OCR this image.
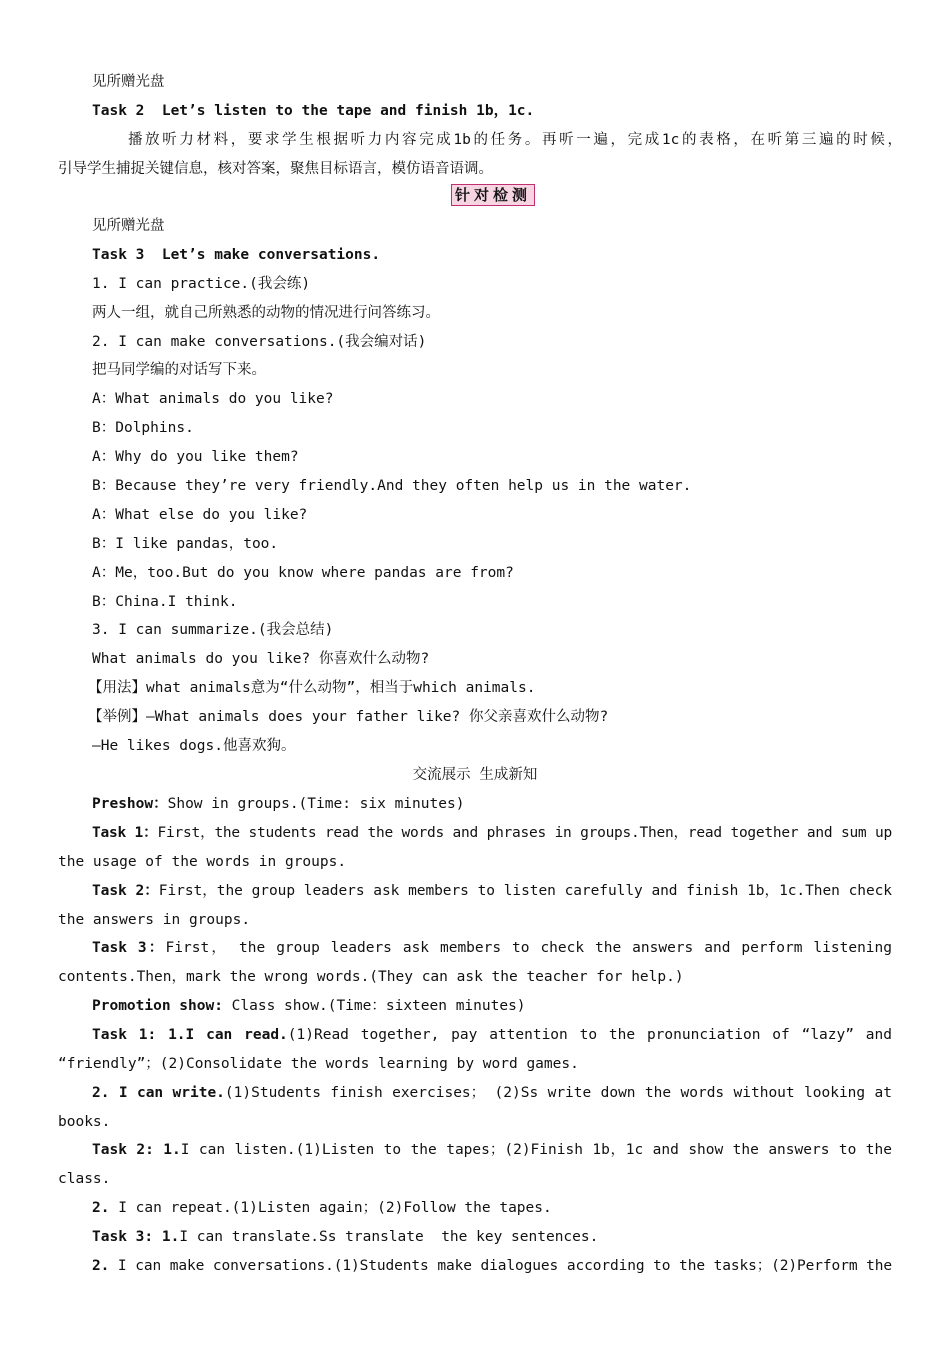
见所赠光盘
Task 2  Let’s listen to the tape and finish 1b，1c.
播放听力材料，要求学生根据听力内容完成1b的任务。再听一遍，完成1c的表格，在听第三遍的时候，
引导学生捕捉关键信息，核对答案，聚焦目标语言，模仿语音语调。
针对检测
见所赠光盘
Task 3  Let’s make conversations.
1. I can practice.(我会练)
两人一组，就自己所熟悉的动物的情况进行问答练习。
2. I can make conversations.(我会编对话)
把马同学编的对话写下来。
A：What animals do you like?
B：Dolphins.
A：Why do you like them?
B：Because they’re very friendly.And they often help us in the water.
A：What else do you like?
B：I like pandas，too.
A：Me，too.But do you know where pandas are from?
B：China.I think.
3. I can summarize.(我会总结)
What animals do you like? 你喜欢什么动物?
【用法】what animals意为“什么动物”，相当于which animals.
【举例】—What animals does your father like? 你父亲喜欢什么动物?
—He likes dogs.他喜欢狗。
交流展示 生成新知
Preshow：Show in groups.(Time: six minutes)
Task 1：First，the students read the words and phrases in groups.Then，read together and sum up
the usage of the words in groups.
Task 2：First，the group leaders ask members to listen carefully and finish 1b，1c.Then check
the answers in groups.
Task 3：First， the group leaders ask members to check the answers and perform listening
contents.Then，mark the wrong words.(They can ask the teacher for help.)
Promotion show: Class show.(Time：sixteen minutes)
Task 1: 1.I can read.(1)Read together, pay attention to the pronunciation of “lazy” and
“friendly”；(2)Consolidate the words learning by word games.
2. I can write.(1)Students finish exercises； (2)Ss write down the words without looking at
books.
Task 2: 1.I can listen.(1)Listen to the tapes；(2)Finish 1b，1c and show the answers to the
class.
2. I can repeat.(1)Listen again；(2)Follow the tapes.
Task 3: 1.I can translate.Ss translate  the key sentences.
2. I can make conversations.(1)Students make dialogues according to the tasks；(2)Perform the
